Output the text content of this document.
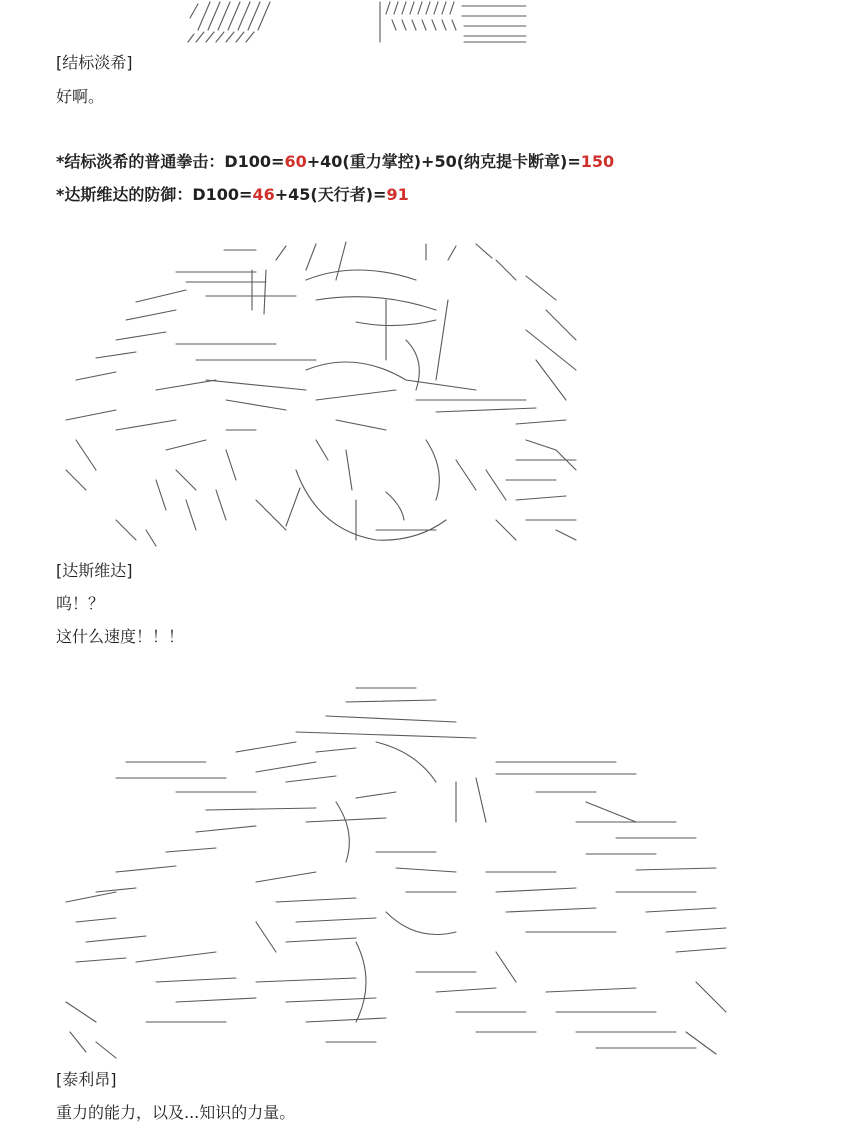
[结标淡希]
好啊。
*结标淡希的普通拳击：D100=60+40(重力掌控)+50(纳克提卡断章)=150
*达斯维达的防御：D100=46+45(天行者)=91
[达斯维达]
呜！？
这什么速度！！！
[泰利昂]
重力的能力，以及...知识的力量。
